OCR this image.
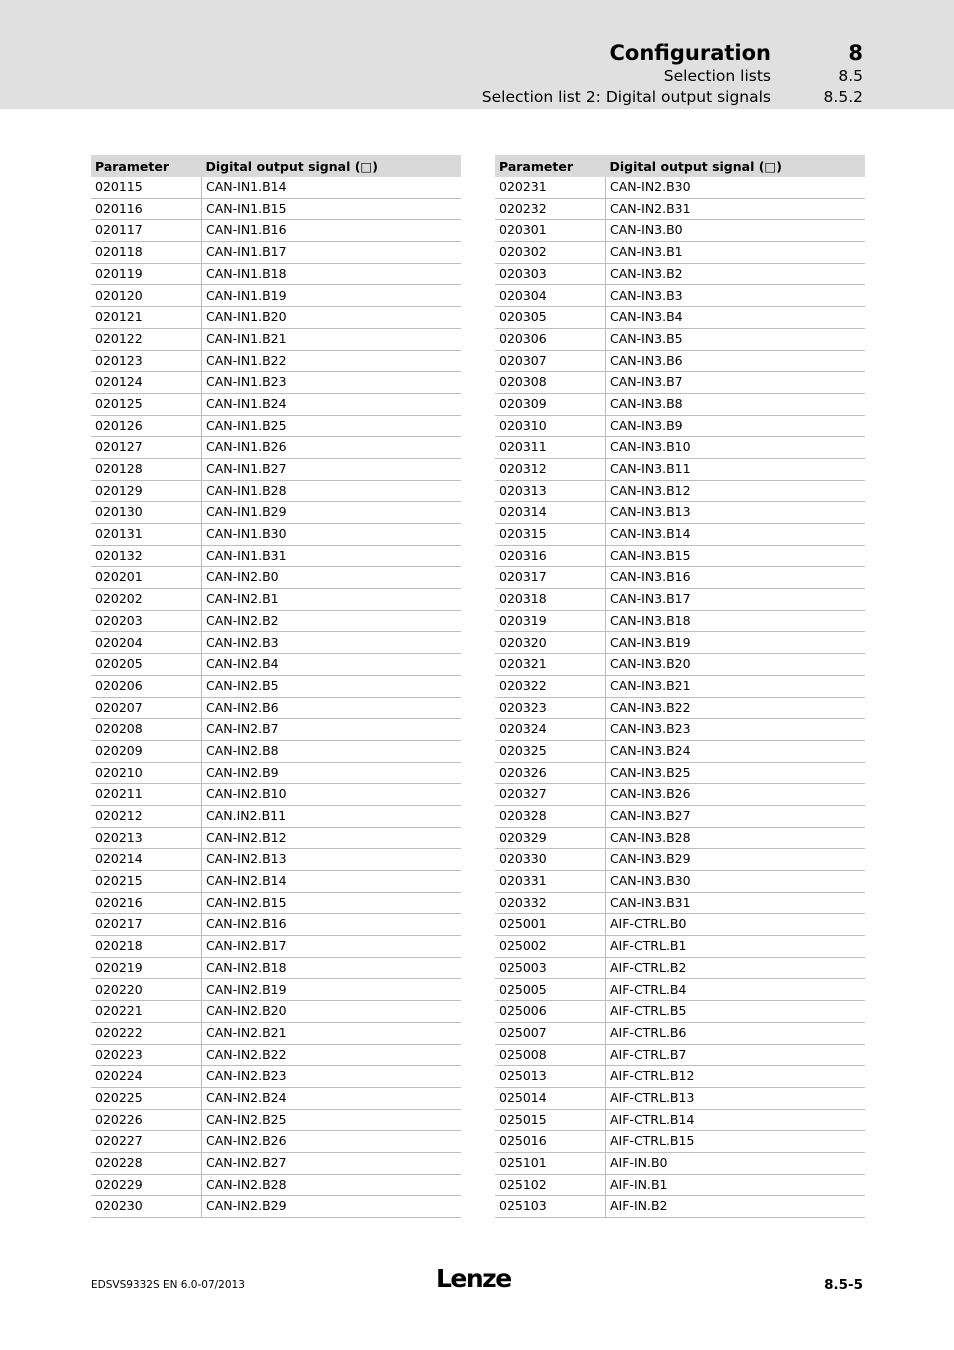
Configuration	8
Selection lists	8.5
Selection list 2: Digital output signals	8.5.2
Parameter	Digital output signal (□)
020115	CAN-IN1.B14
020116	CAN-IN1.B15
020117	CAN-IN1.B16
020118	CAN-IN1.B17
020119	CAN-IN1.B18
020120	CAN-IN1.B19
020121	CAN-IN1.B20
020122	CAN-IN1.B21
020123	CAN-IN1.B22
020124	CAN-IN1.B23
020125	CAN-IN1.B24
020126	CAN-IN1.B25
020127	CAN-IN1.B26
020128	CAN-IN1.B27
020129	CAN-IN1.B28
020130	CAN-IN1.B29
020131	CAN-IN1.B30
020132	CAN-IN1.B31
020201	CAN-IN2.B0
020202	CAN-IN2.B1
020203	CAN-IN2.B2
020204	CAN-IN2.B3
020205	CAN-IN2.B4
020206	CAN-IN2.B5
020207	CAN-IN2.B6
020208	CAN-IN2.B7
020209	CAN-IN2.B8
020210	CAN-IN2.B9
020211	CAN-IN2.B10
020212	CAN.IN2.B11
020213	CAN-IN2.B12
020214	CAN-IN2.B13
020215	CAN-IN2.B14
020216	CAN-IN2.B15
020217	CAN-IN2.B16
020218	CAN-IN2.B17
020219	CAN-IN2.B18
020220	CAN-IN2.B19
020221	CAN-IN2.B20
020222	CAN-IN2.B21
020223	CAN-IN2.B22
020224	CAN-IN2.B23
020225	CAN-IN2.B24
020226	CAN-IN2.B25
020227	CAN-IN2.B26
020228	CAN-IN2.B27
020229	CAN-IN2.B28
020230	CAN-IN2.B29
Parameter	Digital output signal (□)
020231	CAN-IN2.B30
020232	CAN-IN2.B31
020301	CAN-IN3.B0
020302	CAN-IN3.B1
020303	CAN-IN3.B2
020304	CAN-IN3.B3
020305	CAN-IN3.B4
020306	CAN-IN3.B5
020307	CAN-IN3.B6
020308	CAN-IN3.B7
020309	CAN-IN3.B8
020310	CAN-IN3.B9
020311	CAN-IN3.B10
020312	CAN-IN3.B11
020313	CAN-IN3.B12
020314	CAN-IN3.B13
020315	CAN-IN3.B14
020316	CAN-IN3.B15
020317	CAN-IN3.B16
020318	CAN-IN3.B17
020319	CAN-IN3.B18
020320	CAN-IN3.B19
020321	CAN-IN3.B20
020322	CAN-IN3.B21
020323	CAN-IN3.B22
020324	CAN-IN3.B23
020325	CAN-IN3.B24
020326	CAN-IN3.B25
020327	CAN-IN3.B26
020328	CAN-IN3.B27
020329	CAN-IN3.B28
020330	CAN-IN3.B29
020331	CAN-IN3.B30
020332	CAN-IN3.B31
025001	AIF-CTRL.B0
025002	AIF-CTRL.B1
025003	AIF-CTRL.B2
025005	AIF-CTRL.B4
025006	AIF-CTRL.B5
025007	AIF-CTRL.B6
025008	AIF-CTRL.B7
025013	AIF-CTRL.B12
025014	AIF-CTRL.B13
025015	AIF-CTRL.B14
025016	AIF-CTRL.B15
025101	AIF-IN.B0
025102	AIF-IN.B1
025103	AIF-IN.B2
EDSVS9332S EN 6.0-07/2013	Lenze	8.5-5
